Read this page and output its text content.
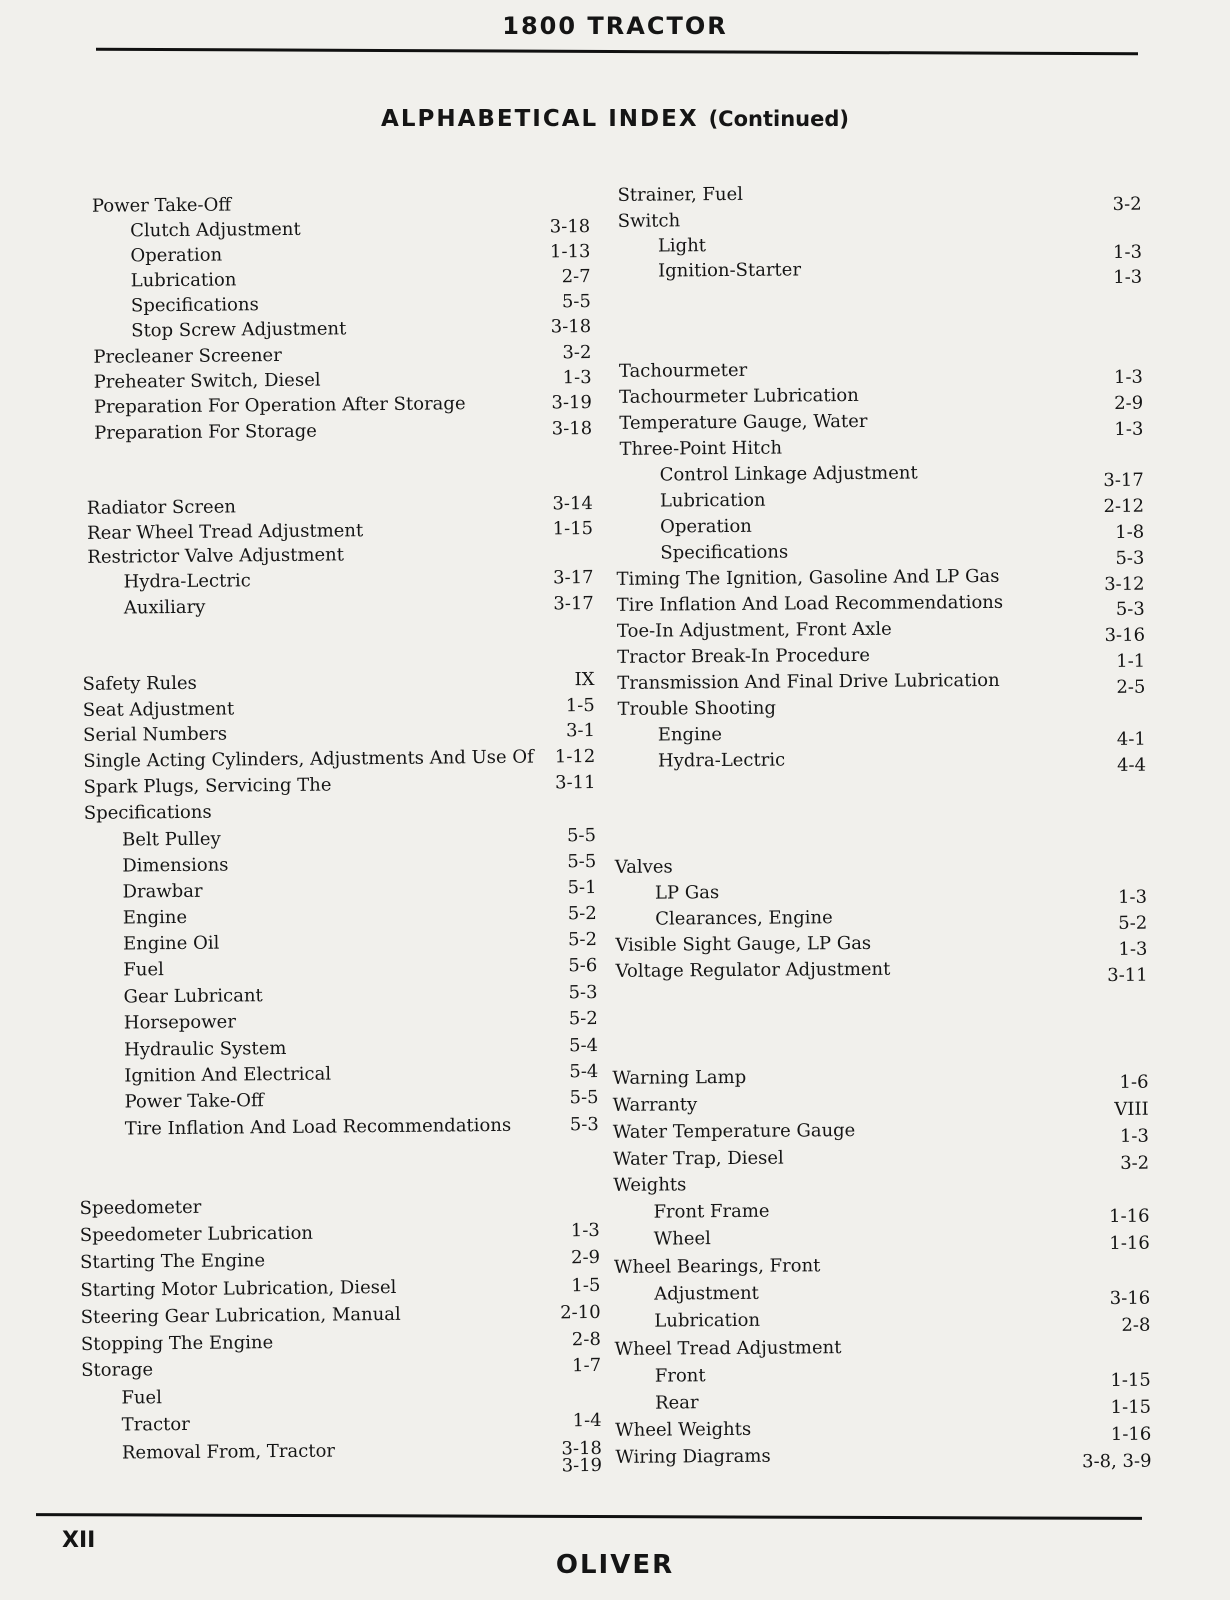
1800 TRACTOR
ALPHABETICAL INDEX (Continued)
Power Take-Off
Clutch Adjustment	3-18
Operation	1-13
Lubrication	2-7
Specifications	5-5
Stop Screw Adjustment	3-18
Precleaner Screener	3-2
Preheater Switch, Diesel	1-3
Preparation For Operation After Storage	3-19
Preparation For Storage	3-18
Radiator Screen	3-14
Rear Wheel Tread Adjustment	1-15
Restrictor Valve Adjustment
Hydra-Lectric	3-17
Auxiliary	3-17
Safety Rules	IX
Seat Adjustment	1-5
Serial Numbers	3-1
Single Acting Cylinders, Adjustments And Use Of 1-12
Spark Plugs, Servicing The	3-11
Specifications
Belt Pulley	5-5
Dimensions	5-5
Drawbar	5-1
Engine	5-2
Engine Oil	5-2
Fuel	5-6
Gear Lubricant	5-3
Horsepower	5-2
Hydraulic System	5-4
Ignition And Electrical	5-4
Power Take-Off	5-5
Tire Inflation And Load Recommendations	5-3
Speedometer
Speedometer Lubrication	1-3
Starting The Engine	2-9
Starting Motor Lubrication, Diesel	1-5
Steering Gear Lubrication, Manual	2-10
Stopping The Engine	2-8
Storage	1-7
Fuel
Tractor	1-4
Removal From, Tractor	3-18
3-19
Strainer, Fuel	3-2
Switch
Light	1-3
Ignition-Starter	1-3
Tachourmeter	1-3
Tachourmeter Lubrication	2-9
Temperature Gauge, Water	1-3
Three-Point Hitch
Control Linkage Adjustment	3-17
Lubrication	2-12
Operation	1-8
Specifications	5-3
Timing The Ignition, Gasoline And LP Gas	3-12
Tire Inflation And Load Recommendations	5-3
Toe-In Adjustment, Front Axle	3-16
Tractor Break-In Procedure	1-1
Transmission And Final Drive Lubrication	2-5
Trouble Shooting
Engine	4-1
Hydra-Lectric	4-4
Valves
LP Gas	1-3
Clearances, Engine	5-2
Visible Sight Gauge, LP Gas	1-3
Voltage Regulator Adjustment	3-11
Warning Lamp	1-6
Warranty	VIII
Water Temperature Gauge	1-3
Water Trap, Diesel	3-2
Weights
Front Frame	1-16
Wheel	1-16
Wheel Bearings, Front
Adjustment	3-16
Lubrication	2-8
Wheel Tread Adjustment
Front	1-15
Rear	1-15
Wheel Weights	1-16
Wiring Diagrams	3-8, 3-9
XII
OLIVER
